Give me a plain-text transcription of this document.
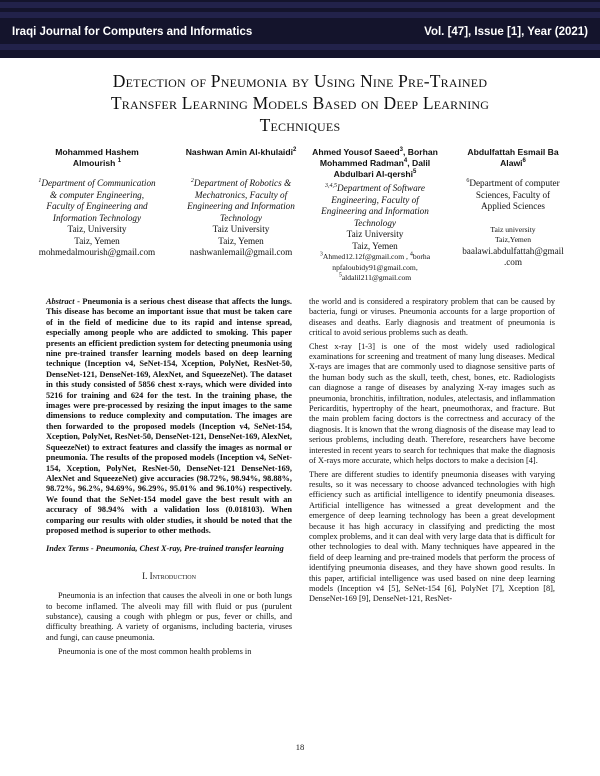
Iraqi Journal for Computers and Informatics	Vol. [47], Issue [1], Year (2021)
Detection of Pneumonia by Using Nine Pre-Trained
Transfer Learning Models Based on Deep Learning
Techniques
Mohammed Hashem
Almourish $^1$
$^1$Department of Communication
& computer Engineering,
Faculty of Engineering and
Information Technology
Taiz, University
Taiz, Yemen
mohmedalmourish@gmail.com
Nashwan Amin Al-khulaidi$^2$
$^2$Department of Robotics &
Mechatronics, Faculty of
Engineering and Information
Technology
Taiz University
Taiz, Yemen
nashwanlemail@gmail.com
Ahmed Yousof Saeed$^3$, Borhan
Mohammed Radman$^4$, Dalil
Abdulbari Al-qershi$^5$
$^{3,4,5}$Department of Software
Engineering, Faculty of
Engineering and Information
Technology
Taiz University
Taiz, Yemen
$^3$Ahmed12.12f@gmail.com , $^4$borha
npfaloubidy91@gmail.com,
$^5$aldalil211@gmail.com
Abdulfattah Esmail Ba
Alawi$^6$
$^6$Department of computer
Sciences, Faculty of
Applied Sciences
Taiz university
Taiz,Yemen
baalawi.abdulfattah@gmail
.com

Abstract - Pneumonia is a serious chest disease that affects the lungs. This disease has become an important issue that must be taken care of in the field of medicine due to its rapid and intense spread, especially among people who are addicted to smoking. This paper presents an efficient prediction system for detecting pneumonia using nine pre-trained transfer learning models based on deep learning technique (Inception v4, SeNet-154, Xception, PolyNet, ResNet-50, DenseNet-121, DenseNet-169, AlexNet, and SqueezeNet). The dataset in this study consisted of 5856 chest x-rays, which were divided into 5216 for training and 624 for the test. In the training phase, the images were pre-processed by resizing the input images to the same dimensions to reduce complexity and computation. The images are then forwarded to the proposed models (Inception v4, SeNet-154, Xception, PolyNet, ResNet-50, DenseNet-121, DenseNet-169, AlexNet, SqueezeNet) to extract features and classify the images as normal or pneumonia. The results of the proposed models (Inception v4, SeNet-154, Xception, PolyNet, ResNet-50, DenseNet-121 DenseNet-169, AlexNet and SqueezeNet) give accuracies (98.72%, 98.94%, 98.88%, 98.72%, 96.2%, 94.69%, 96.29%, 95.01% and 96.10%) respectively. We found that the SeNet-154 model gave the best result with an accuracy of 98.94% with a validation loss (0.018103). When comparing our results with older studies, it should be noted that the proposed method is superior to other methods.

Index Terms - Pneumonia, Chest X-ray, Pre-trained transfer learning

I. Introduction

Pneumonia is an infection that causes the alveoli in one or both lungs to become inflamed. The alveoli may fill with fluid or pus (purulent substance), causing a cough with phlegm or pus, fever or chills, and difficulty breathing. A variety of organisms, including bacteria, viruses and fungi, can cause pneumonia.

Pneumonia is one of the most common health problems in

the world and is considered a respiratory problem that can be caused by bacteria, fungi or viruses. Pneumonia accounts for a large proportion of diseases and deaths. Early diagnosis and treatment of pneumonia is critical to avoid serious problems such as death.

Chest x-ray [1-3] is one of the most widely used radiological examinations for screening and treatment of many lung diseases. Medical X-rays are images that are commonly used to diagnose sensitive parts of the human body such as the skull, teeth, chest, bones, etc. Radiologists can diagnose a range of diseases by analyzing X-ray images such as pneumonia, bronchitis, infiltration, nodules, atelectasis, and inflammation Pericarditis, hypertrophy of the heart, pneumothorax, and fracture. But the main problem facing doctors is the correctness and accuracy of the diagnosis. It is known that the wrong diagnosis of the disease may lead to serious problems, including death. Therefore, researchers have become interested in recent years to search for techniques that make the diagnosis of X-rays more accurate, which helps doctors to make a decision [4].

There are different studies to identify pneumonia diseases with varying results, so it was necessary to choose advanced technologies with high efficiency such as artificial intelligence to identify pneumonia diseases. Artificial intelligence has witnessed a great development and the emergence of deep learning technology has been a great development because it has high accuracy in classifying and predicting the most complex problems, and it can deal with very large data that is difficult for other technologies to deal with. Many techniques have appeared in the field of deep learning and pre-trained models that perform the process of identifying pneumonia diseases, and they have shown good results. In this paper, artificial intelligence was used based on nine deep learning models (Inception v4 [5], SeNet-154 [6], PolyNet [7], Xception [8], DenseNet-169 [9], DenseNet-121, ResNet-

18
